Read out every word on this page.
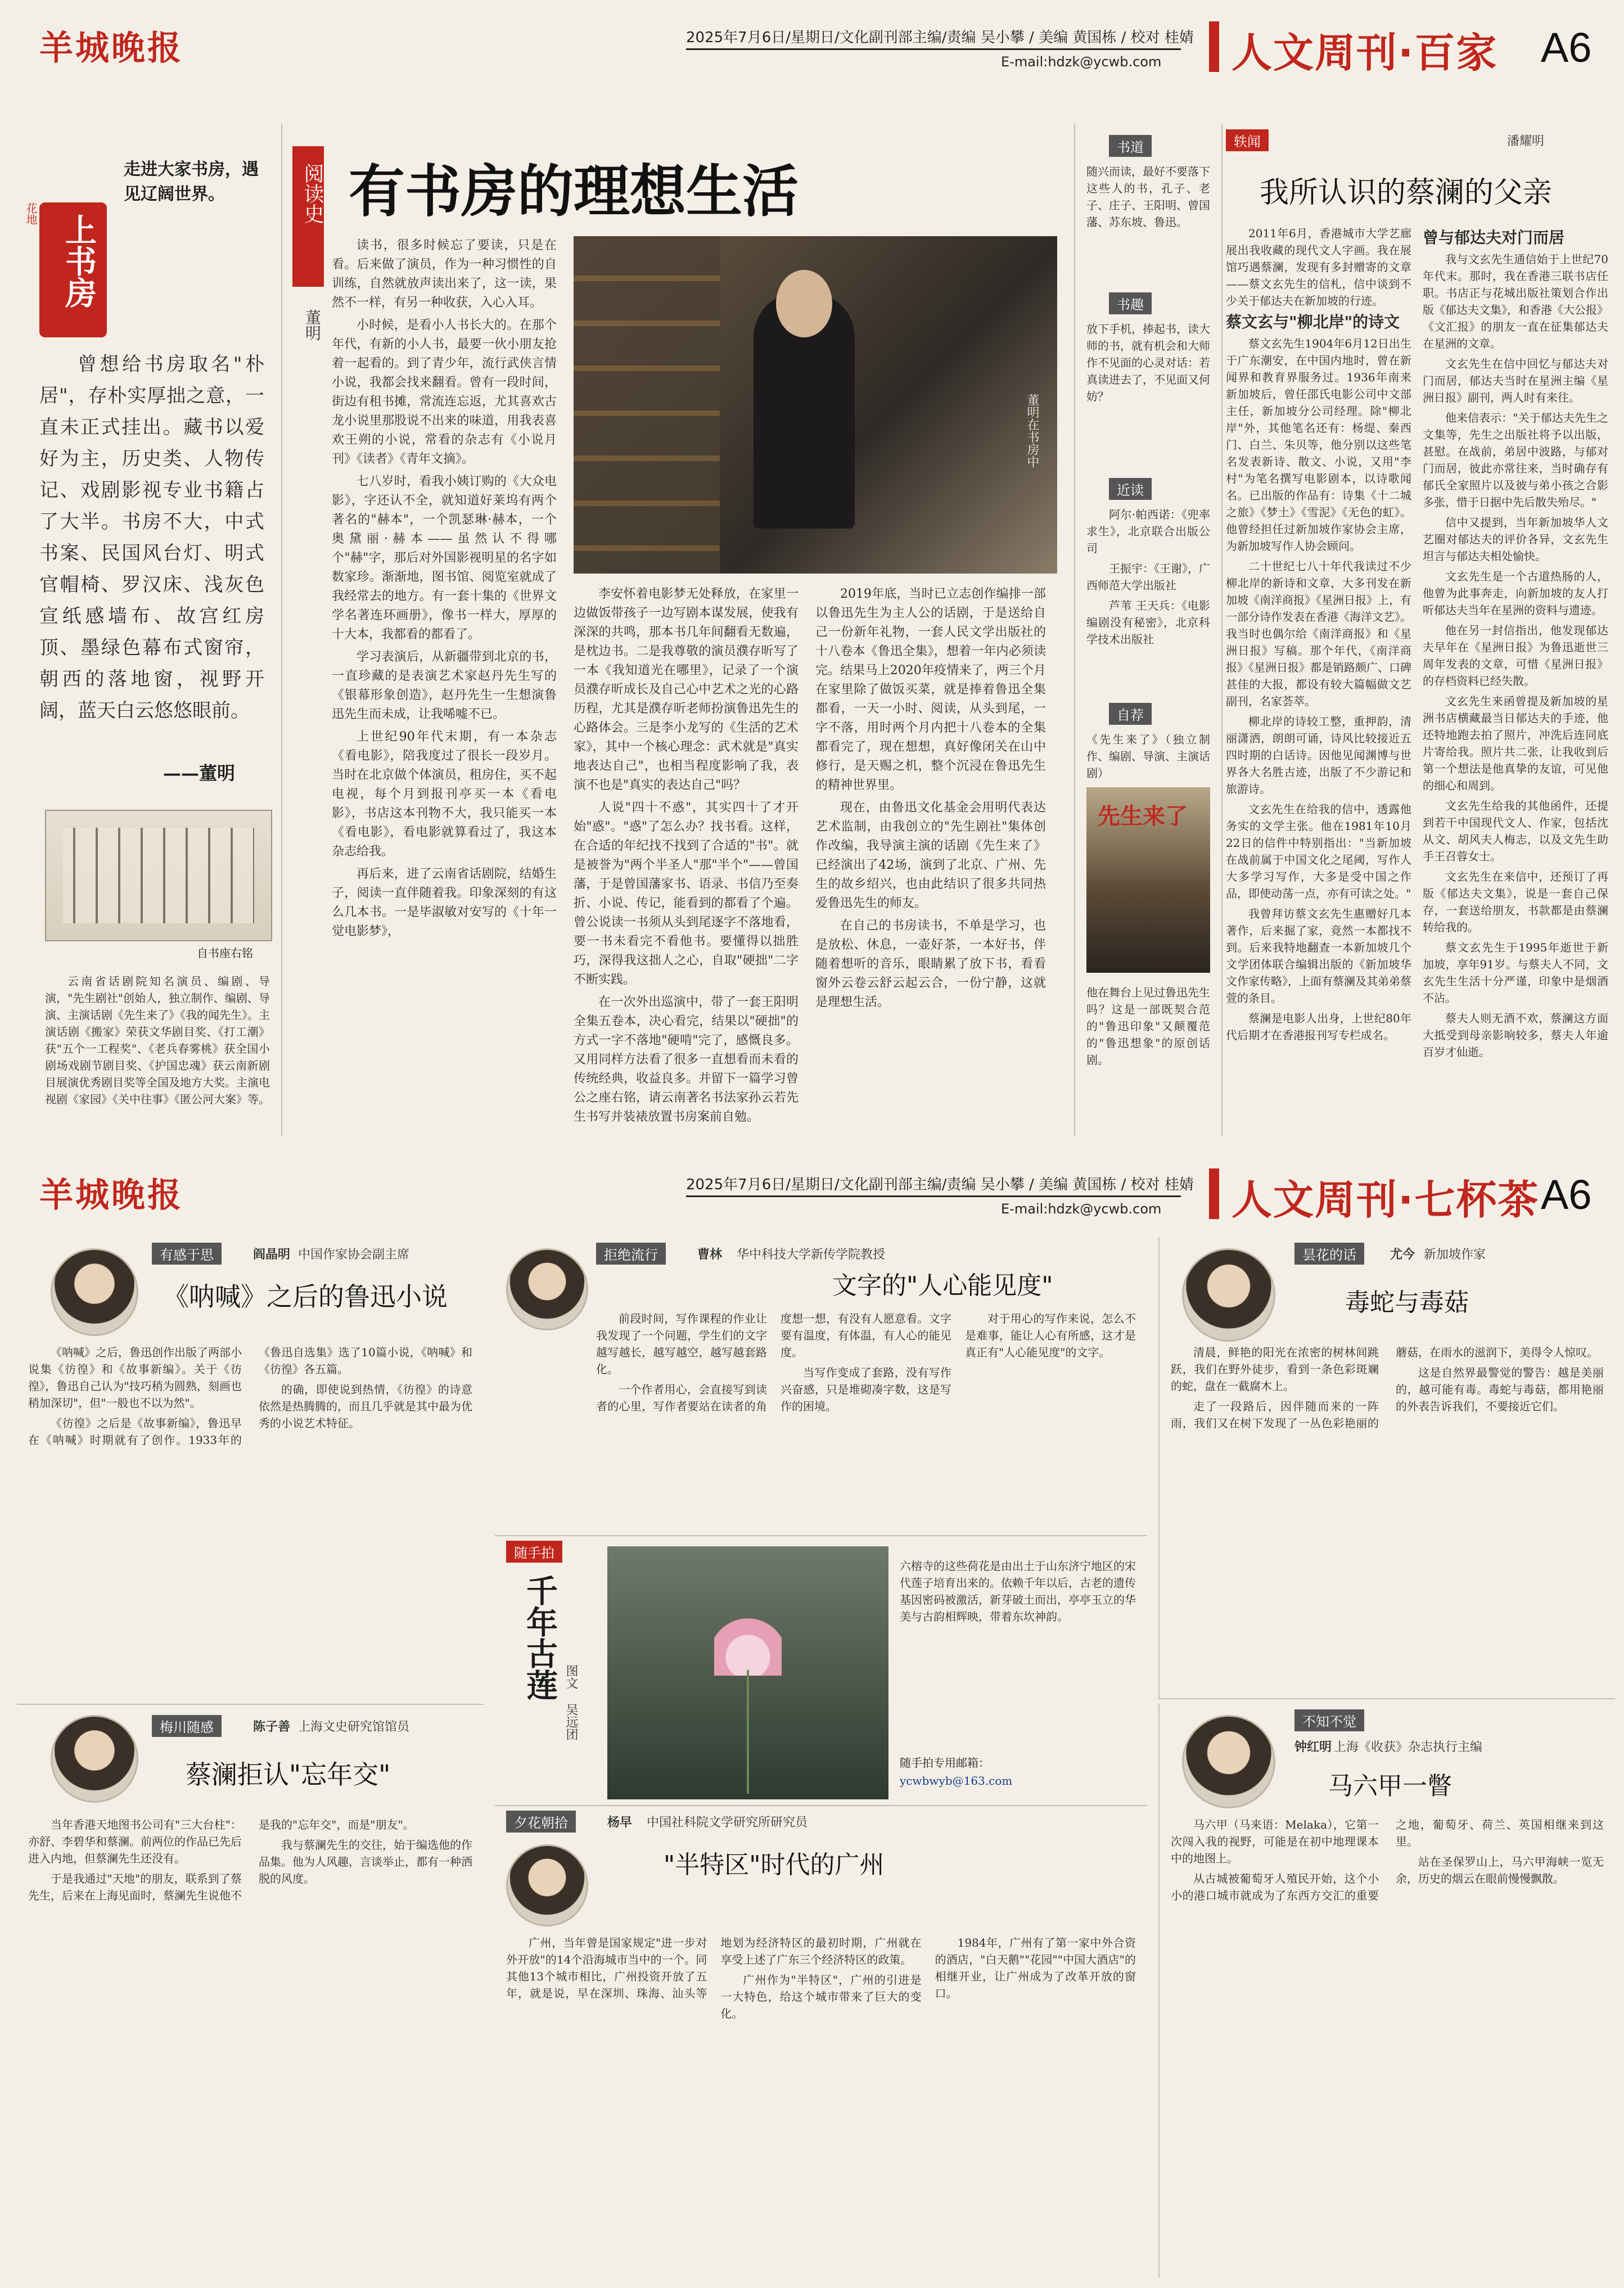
羊城晚报	2025年7月6日/星期日/文化副刊部主编/责编 吴小攀 / 美编 黄国栋 / 校对 桂婧
E-mail:hdzk@ycwb.com 人文周刊·百家 A6
走进大家书房，遇见辽阔世界。
花地 上书房
曾想给书房取名"朴居"，存朴实厚拙之意，一直未正式挂出。藏书以爱好为主，历史类、人物传记、戏剧影视专业书籍占了大半。书房不大，中式书案、民国风台灯、明式官帽椅、罗汉床、浅灰色宣纸感墙布、故宫红房顶、墨绿色幕布式窗帘，朝西的落地窗，视野开阔，蓝天白云悠悠眼前。
——董明
自书座右铭
云南省话剧院知名演员、编剧、导演，"先生剧社"创始人，独立制作、编剧、导演、主演话剧《先生来了》《我的闻先生》。主演话剧《搬家》荣获文华剧目奖、《打工潮》获"五个一工程奖"、《老兵春雾桃》获全国小剧场戏剧节剧目奖、《护国忠魂》获云南新剧目展演优秀剧目奖等全国及地方大奖。主演电视剧《家园》《关中往事》《匿公河大案》等。
阅读史 有书房的理想生活
董明

读书，很多时候忘了要读，只是在看。后来做了演员，作为一种习惯性的自训练，自然就放声读出来了，这一读，果然不一样，有另一种收获，入心入耳。

小时候，是看小人书长大的。在那个年代，有新的小人书，最要一伙小朋友抢着一起看的。到了青少年，流行武侠言情小说，我都会找来翻看。曾有一段时间，街边有租书摊，常流连忘返，尤其喜欢古龙小说里那股说不出来的味道，用我表喜欢王朔的小说，常看的杂志有《小说月刊》《读者》《青年文摘》。

七八岁时，看我小姨订购的《大众电影》，字还认不全，就知道好莱坞有两个著名的"赫本"，一个凯瑟琳·赫本，一个奥黛丽·赫本——虽然认不得哪个"赫"字，那后对外国影视明星的名字如数家珍。渐渐地，图书馆、阅览室就成了我经常去的地方。有一套十集的《世界文学名著连环画册》，像书一样大，厚厚的十大本，我都看的都看了。

学习表演后，从新疆带到北京的书，一直珍藏的是表演艺术家赵丹先生写的《银幕形象创造》，赵丹先生一生想演鲁迅先生而未成，让我唏嘘不已。

上世纪90年代末期，有一本杂志《看电影》，陪我度过了很长一段岁月。当时在北京做个体演员，租房住，买不起电视，每个月到报刊亭买一本《看电影》，书店这本刊物不大，我只能买一本《看电影》，看电影就算看过了，我这本杂志给我。

再后来，进了云南省话剧院，结婚生子，阅读一直伴随着我。印象深刻的有这么几本书。一是毕淑敏对安写的《十年一觉电影梦》，

董明在书房中

李安怀着电影梦无处释放，在家里一边做饭带孩子一边写剧本谋发展，使我有深深的共鸣，那本书几年间翻看无数遍，是枕边书。二是我尊敬的演员濮存昕写了一本《我知道光在哪里》，记录了一个演员濮存昕成长及自己心中艺术之光的心路历程，尤其是濮存昕老师扮演鲁迅先生的心路体会。三是李小龙写的《生活的艺术家》，其中一个核心理念：武术就是"真实地表达自己"，也相当程度影响了我，表演不也是"真实的表达自己"吗？

人说"四十不惑"，其实四十了才开始"惑"。"惑"了怎么办？找书看。这样，在合适的年纪找不找到了合适的"书"。就是被誉为"两个半圣人"那"半个"——曾国藩，于是曾国藩家书、语录、书信乃至奏折、小说、传记，能看到的都看了个遍。曾公说读一书须从头到尾逐字不落地看，要一书未看完不看他书。要懂得以拙胜巧，深得我这拙人之心，自取"硬拙"二字不断实践。

在一次外出巡演中，带了一套王阳明全集五卷本，决心看完，结果以"硬拙"的方式一字不落地"硬啃"完了，感慨良多。又用同样方法看了很多一直想看而未看的传统经典，收益良多。并留下一篇学习曾公之座右铭，请云南著名书法家孙云若先生书写并装裱放置书房案前自勉。

2019年底，当时已立志创作编排一部以鲁迅先生为主人公的话剧，于是送给自己一份新年礼物，一套人民文学出版社的十八卷本《鲁迅全集》，想着一年内必须读完。结果马上2020年疫情来了，两三个月在家里除了做饭买菜，就是捧着鲁迅全集都看，一天一小时、阅读，从头到尾，一字不落，用时两个月内把十八卷本的全集都看完了，现在想想，真好像闭关在山中修行，是天赐之机，整个沉浸在鲁迅先生的精神世界里。

现在，由鲁迅文化基金会用明代表达艺术监制，由我创立的"先生剧社"集体创作改编，我导演主演的话剧《先生来了》已经演出了42场，演到了北京、广州、先生的故乡绍兴，也由此结识了很多共同热爱鲁迅先生的师友。

在自己的书房读书，不单是学习，也是放松、休息，一壶好茶，一本好书，伴随着想听的音乐，眼睛累了放下书，看看窗外云卷云舒云起云合，一份宁静，这就是理想生活。

书道
随兴而读，最好不要落下这些人的书，孔子、老子、庄子、王阳明、曾国藩、苏东坡、鲁迅。
书趣
放下手机，捧起书，读大师的书，就有机会和大师作不见面的心灵对话：若真读进去了，不见面又何妨？
近读

阿尔·帕西诺：《兜率求生》，北京联合出版公司

王振宇：《王谢》，广西师范大学出版社

芦苇 王天兵：《电影编剧没有秘密》，北京科学技术出版社

自荐
《先生来了》（独立制作、编剧、导演、主演话剧）
先生来了
他在舞台上见过鲁迅先生吗？这是一部既契合范的"鲁迅印象"又颠覆范的"鲁迅想象"的原创话剧。
轶闻	潘耀明
我所认识的蔡澜的父亲

2011年6月，香港城市大学艺廊展出我收藏的现代文人字画。我在展馆巧遇蔡澜，发现有多封赠寄的文章——蔡文玄先生的信札，信中谈到不少关于郁达夫在新加坡的行迹。

蔡文玄与"柳北岸"的诗文

蔡文玄先生1904年6月12日出生于广东潮安，在中国内地时，曾在新闻界和教育界服务过。1936年南来新加坡后，曾任邵氏电影公司中文部主任，新加坡分公司经理。除"柳北岸"外，其他笔名还有：杨缇、秦西门、白兰、朱贝等，他分别以这些笔名发表新诗、散文、小说，又用"李村"为笔名撰写电影剧本，以诗歌闻名。已出版的作品有：诗集《十二城之旅》《梦土》《雪泥》《无色的虹》。他曾经担任过新加坡作家协会主席，为新加坡写作人协会顾问。

二十世纪七八十年代我读过不少柳北岸的新诗和文章，大多刊发在新加坡《南洋商报》《星洲日报》上，有一部分诗作发表在香港《海洋文艺》。我当时也偶尔给《南洋商报》和《星洲日报》写稿。那个年代，《南洋商报》《星洲日报》都是销路颇广、口碑甚佳的大报，都设有较大篇幅做文艺副刊，名家荟萃。

柳北岸的诗较工整，重押韵，清丽潇洒，朗朗可诵，诗风比较接近五四时期的白话诗。因他见闻渊博与世界各大名胜古迹，出版了不少游记和旅游诗。

文玄先生在给我的信中，透露他务实的文学主张。他在1981年10月22日的信件中特别指出："当新加坡在战前属于中国文化之尾阈，写作人大多学习写作，大多是受中国之作品，即使动荡一点，亦有可读之处。"

我曾拜访蔡文玄先生惠赠好几本著作，后来掘了家，竟然一本都找不到。后来我特地翻查一本新加坡几个文学团体联合编辑出版的《新加坡华文作家传略》，上面有蔡澜及其弟弟蔡萱的条目。

蔡澜是电影人出身，上世纪80年代后期才在香港报刊写专栏成名。

曾与郁达夫对门而居

我与文玄先生通信始于上世纪70年代末。那时，我在香港三联书店任职。书店正与花城出版社策划合作出版《郁达夫文集》，和香港《大公报》《文汇报》的朋友一直在征集郁达夫在星洲的文章。

文玄先生在信中回忆与郁达夫对门而居，郁达夫当时在星洲主编《星洲日报》副刊，两人时有来往。

他来信表示："关于郁达夫先生之文集等，先生之出版社将予以出版，甚慰。在战前，弟居中波路，与郁对门而居，彼此亦常往来，当时确存有郁氏全家照片以及彼与弟小孩之合影多张，惜于日据中先后散失殆尽。"

信中又提到，当年新加坡华人文艺圈对郁达夫的评价各异，文玄先生坦言与郁达夫相处愉快。

文玄先生是一个古道热肠的人，他曾为此事奔走，向新加坡的友人打听郁达夫当年在星洲的资料与遗迹。

他在另一封信指出，他发现郁达夫早年在《星洲日报》为鲁迅逝世三周年发表的文章，可惜《星洲日报》的存档资料已经失散。

文玄先生来函曾提及新加坡的星洲书店横藏最当日郁达夫的手迹，他还特地跑去拍了照片，冲洗后连同底片寄给我。照片共二张，让我收到后第一个想法是他真挚的友谊，可见他的细心和周到。

文玄先生给我的其他函件，还提到若干中国现代文人、作家，包括沈从文、胡风夫人梅志，以及文先生助手王召蓉女士。

文玄先生在来信中，还预订了再版《郁达夫文集》，说是一套自己保存，一套送给朋友，书款都是由蔡澜转给我的。

蔡文玄先生于1995年逝世于新加坡，享年91岁。与蔡夫人不同，文玄先生生活十分严谨，印象中是烟酒不沾。

蔡夫人则无酒不欢，蔡澜这方面大抵受到母亲影响较多，蔡夫人年逾百岁才仙逝。

羊城晚报	2025年7月6日/星期日/文化副刊部主编/责编 吴小攀 / 美编 黄国栋 / 校对 桂婧
E-mail:hdzk@ycwb.com 人文周刊·七杯茶 A6
有感于思	阎晶明 中国作家协会副主席
《呐喊》之后的鲁迅小说

《呐喊》之后，鲁迅创作出版了两部小说集《彷徨》和《故事新编》。关于《彷徨》，鲁迅自己认为"技巧稍为圆熟，刻画也稍加深切"，但"一般也不以为然"。

《彷徨》之后是《故事新编》，鲁迅早在《呐喊》时期就有了创作。1933年的《鲁迅自选集》选了10篇小说，《呐喊》和《彷徨》各五篇。

的确，即使说到热情，《彷徨》的诗意依然是热腾腾的，而且几乎就是其中最为优秀的小说艺术特征。

梅川随感	陈子善 上海文史研究馆馆员
蔡澜拒认"忘年交"

当年香港天地图书公司有"三大台柱"：亦舒、李碧华和蔡澜。前两位的作品已先后进入内地，但蔡澜先生还没有。

于是我通过"天地"的朋友，联系到了蔡先生，后来在上海见面时，蔡澜先生说他不是我的"忘年交"，而是"朋友"。

我与蔡澜先生的交往，始于编选他的作品集。他为人风趣，言谈举止，都有一种洒脱的风度。

拒绝流行	曹林 华中科技大学新传学院教授
文字的"人心能见度"

前段时间，写作课程的作业让我发现了一个问题，学生们的文字越写越长，越写越空，越写越套路化。

一个作者用心，会直接写到读者的心里，写作者要站在读者的角度想一想，有没有人愿意看。文字要有温度，有体温，有人心的能见度。

当写作变成了套路，没有写作兴奋感，只是堆砌凑字数，这是写作的困境。

对于用心的写作来说，怎么不是难事，能让人心有所感，这才是真正有"人心能见度"的文字。

随手拍
千年古莲
图文 吴远团
六榕寺的这些荷花是由出土于山东济宁地区的宋代莲子培育出来的。依赖千年以后，古老的遗传基因密码被激活，新芽破土而出，亭亭玉立的华美与古韵相辉映，带着东坎神韵。
随手拍专用邮箱：
ycwbwyb@163.com
夕花朝拾	杨早 中国社科院文学研究所研究员
"半特区"时代的广州

广州，当年曾是国家规定"进一步对外开放"的14个沿海城市当中的一个。同其他13个城市相比，广州投资开放了五年，就是说，早在深圳、珠海、汕头等地划为经济特区的最初时期，广州就在享受上述了广东三个经济特区的政策。

广州作为"半特区"，广州的引进是一大特色，给这个城市带来了巨大的变化。

1984年，广州有了第一家中外合资的酒店，"白天鹅""花园""中国大酒店"的相继开业，让广州成为了改革开放的窗口。

昙花的话	尤今 新加坡作家
毒蛇与毒菇

清晨，鲜艳的阳光在浓密的树林间跳跃，我们在野外徒步，看到一条色彩斑斓的蛇，盘在一截腐木上。

走了一段路后，因伴随而来的一阵雨，我们又在树下发现了一丛色彩艳丽的蘑菇，在雨水的滋润下，美得令人惊叹。

这是自然界最警觉的警告：越是美丽的，越可能有毒。毒蛇与毒菇，都用艳丽的外表告诉我们，不要接近它们。

不知不觉
钟红明 上海《收获》杂志执行主编
马六甲一瞥

马六甲（马来语：Melaka），它第一次闯入我的视野，可能是在初中地理课本中的地图上。

从古城被葡萄牙人殖民开始，这个小小的港口城市就成为了东西方交汇的重要之地，葡萄牙、荷兰、英国相继来到这里。

站在圣保罗山上，马六甲海峡一览无余，历史的烟云在眼前慢慢飘散。
